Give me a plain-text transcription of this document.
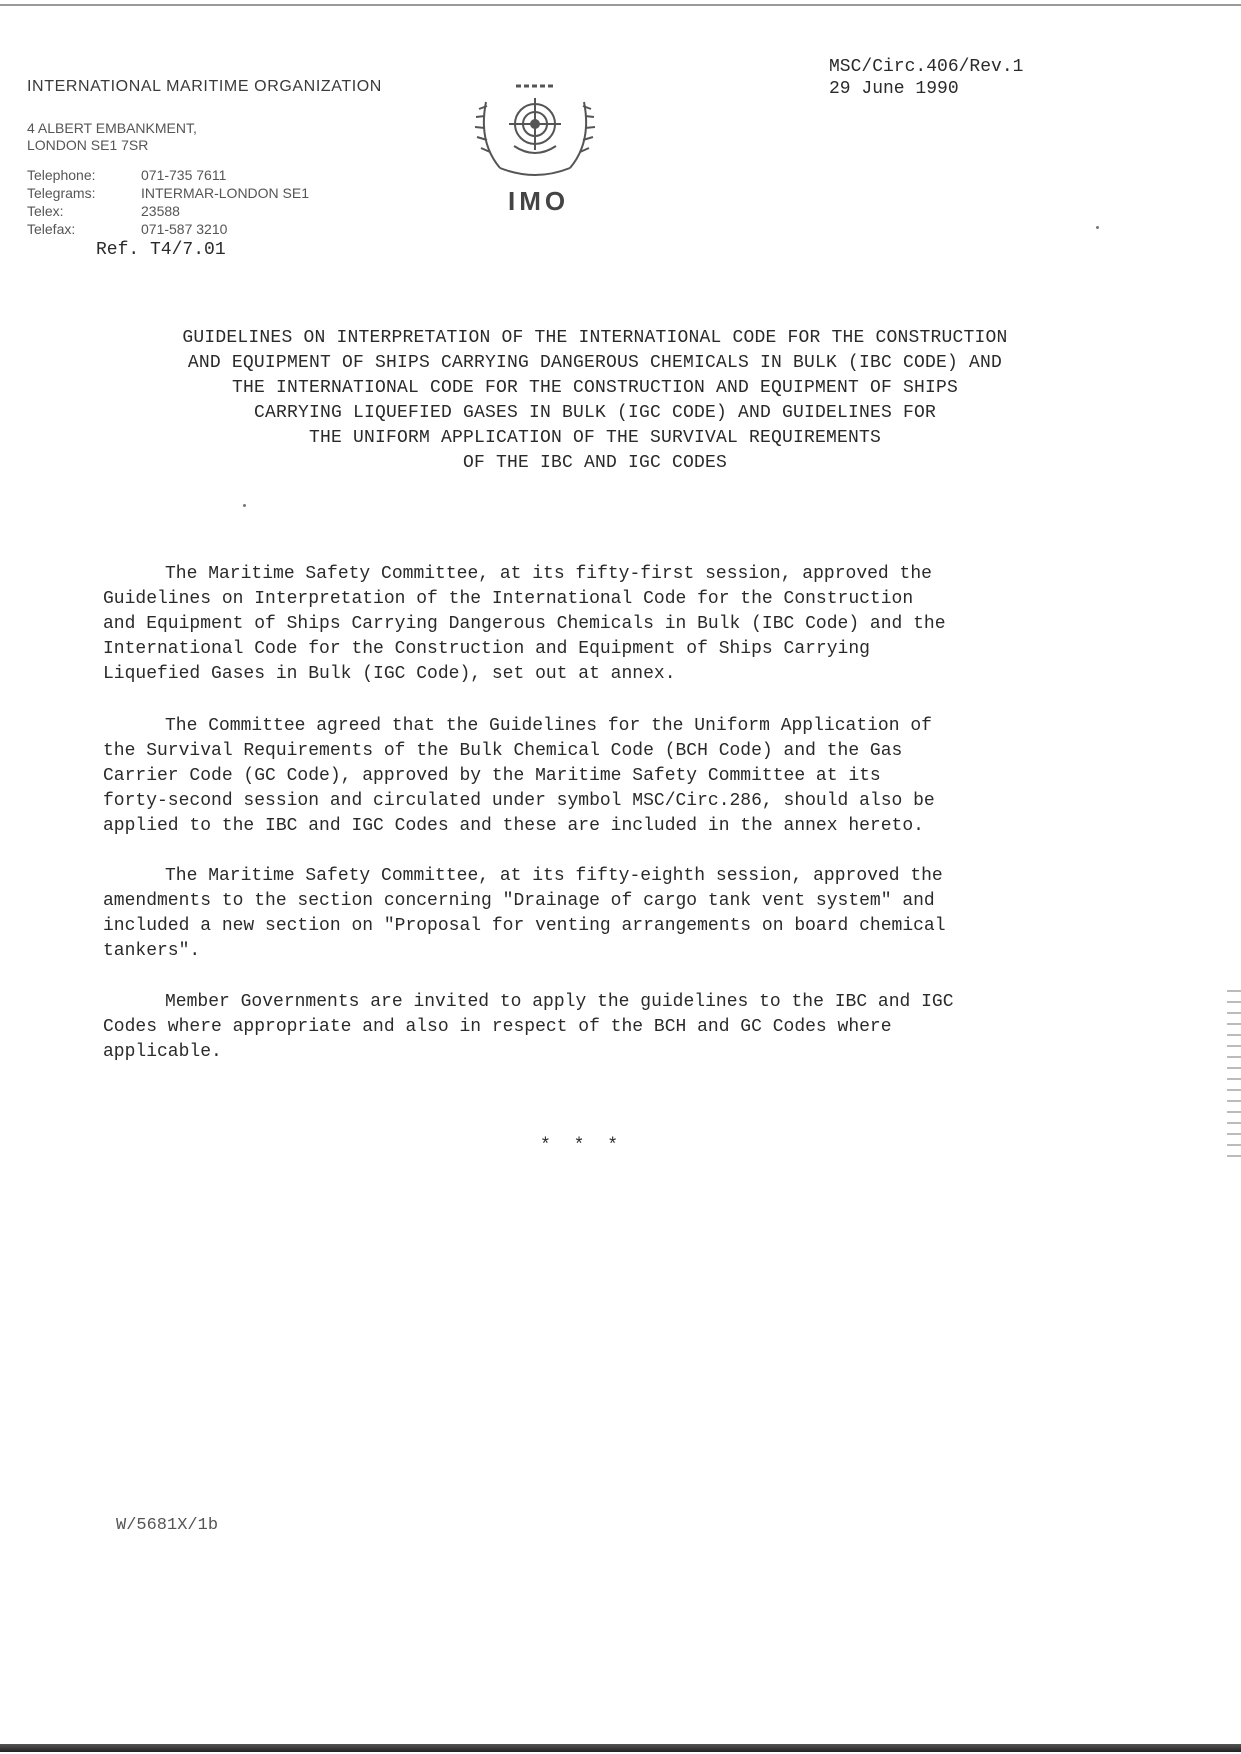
INTERNATIONAL MARITIME ORGANIZATION
4 ALBERT EMBANKMENT,
LONDON SE1 7SR
Telephone:	071-735 7611
Telegrams:	INTERMAR-LONDON SE1
Telex:	23588
Telefax:	071-587 3210
Ref. T4/7.01
IMO
MSC/Circ.406/Rev.1
29 June 1990
GUIDELINES ON INTERPRETATION OF THE INTERNATIONAL CODE FOR THE CONSTRUCTION
AND EQUIPMENT OF SHIPS CARRYING DANGEROUS CHEMICALS IN BULK (IBC CODE) AND
THE INTERNATIONAL CODE FOR THE CONSTRUCTION AND EQUIPMENT OF SHIPS
CARRYING LIQUEFIED GASES IN BULK (IGC CODE) AND GUIDELINES FOR
THE UNIFORM APPLICATION OF THE SURVIVAL REQUIREMENTS
OF THE IBC AND IGC CODES
The Maritime Safety Committee, at its fifty-first session, approved the
Guidelines on Interpretation of the International Code for the Construction
and Equipment of Ships Carrying Dangerous Chemicals in Bulk (IBC Code) and the
International Code for the Construction and Equipment of Ships Carrying
Liquefied Gases in Bulk (IGC Code), set out at annex.
The Committee agreed that the Guidelines for the Uniform Application of
the Survival Requirements of the Bulk Chemical Code (BCH Code) and the Gas
Carrier Code (GC Code), approved by the Maritime Safety Committee at its
forty-second session and circulated under symbol MSC/Circ.286, should also be
applied to the IBC and IGC Codes and these are included in the annex hereto.
The Maritime Safety Committee, at its fifty-eighth session, approved the
amendments to the section concerning "Drainage of cargo tank vent system" and
included a new section on "Proposal for venting arrangements on board chemical
tankers".
Member Governments are invited to apply the guidelines to the IBC and IGC
Codes where appropriate and also in respect of the BCH and GC Codes where
applicable.
* * *
W/5681X/1b
